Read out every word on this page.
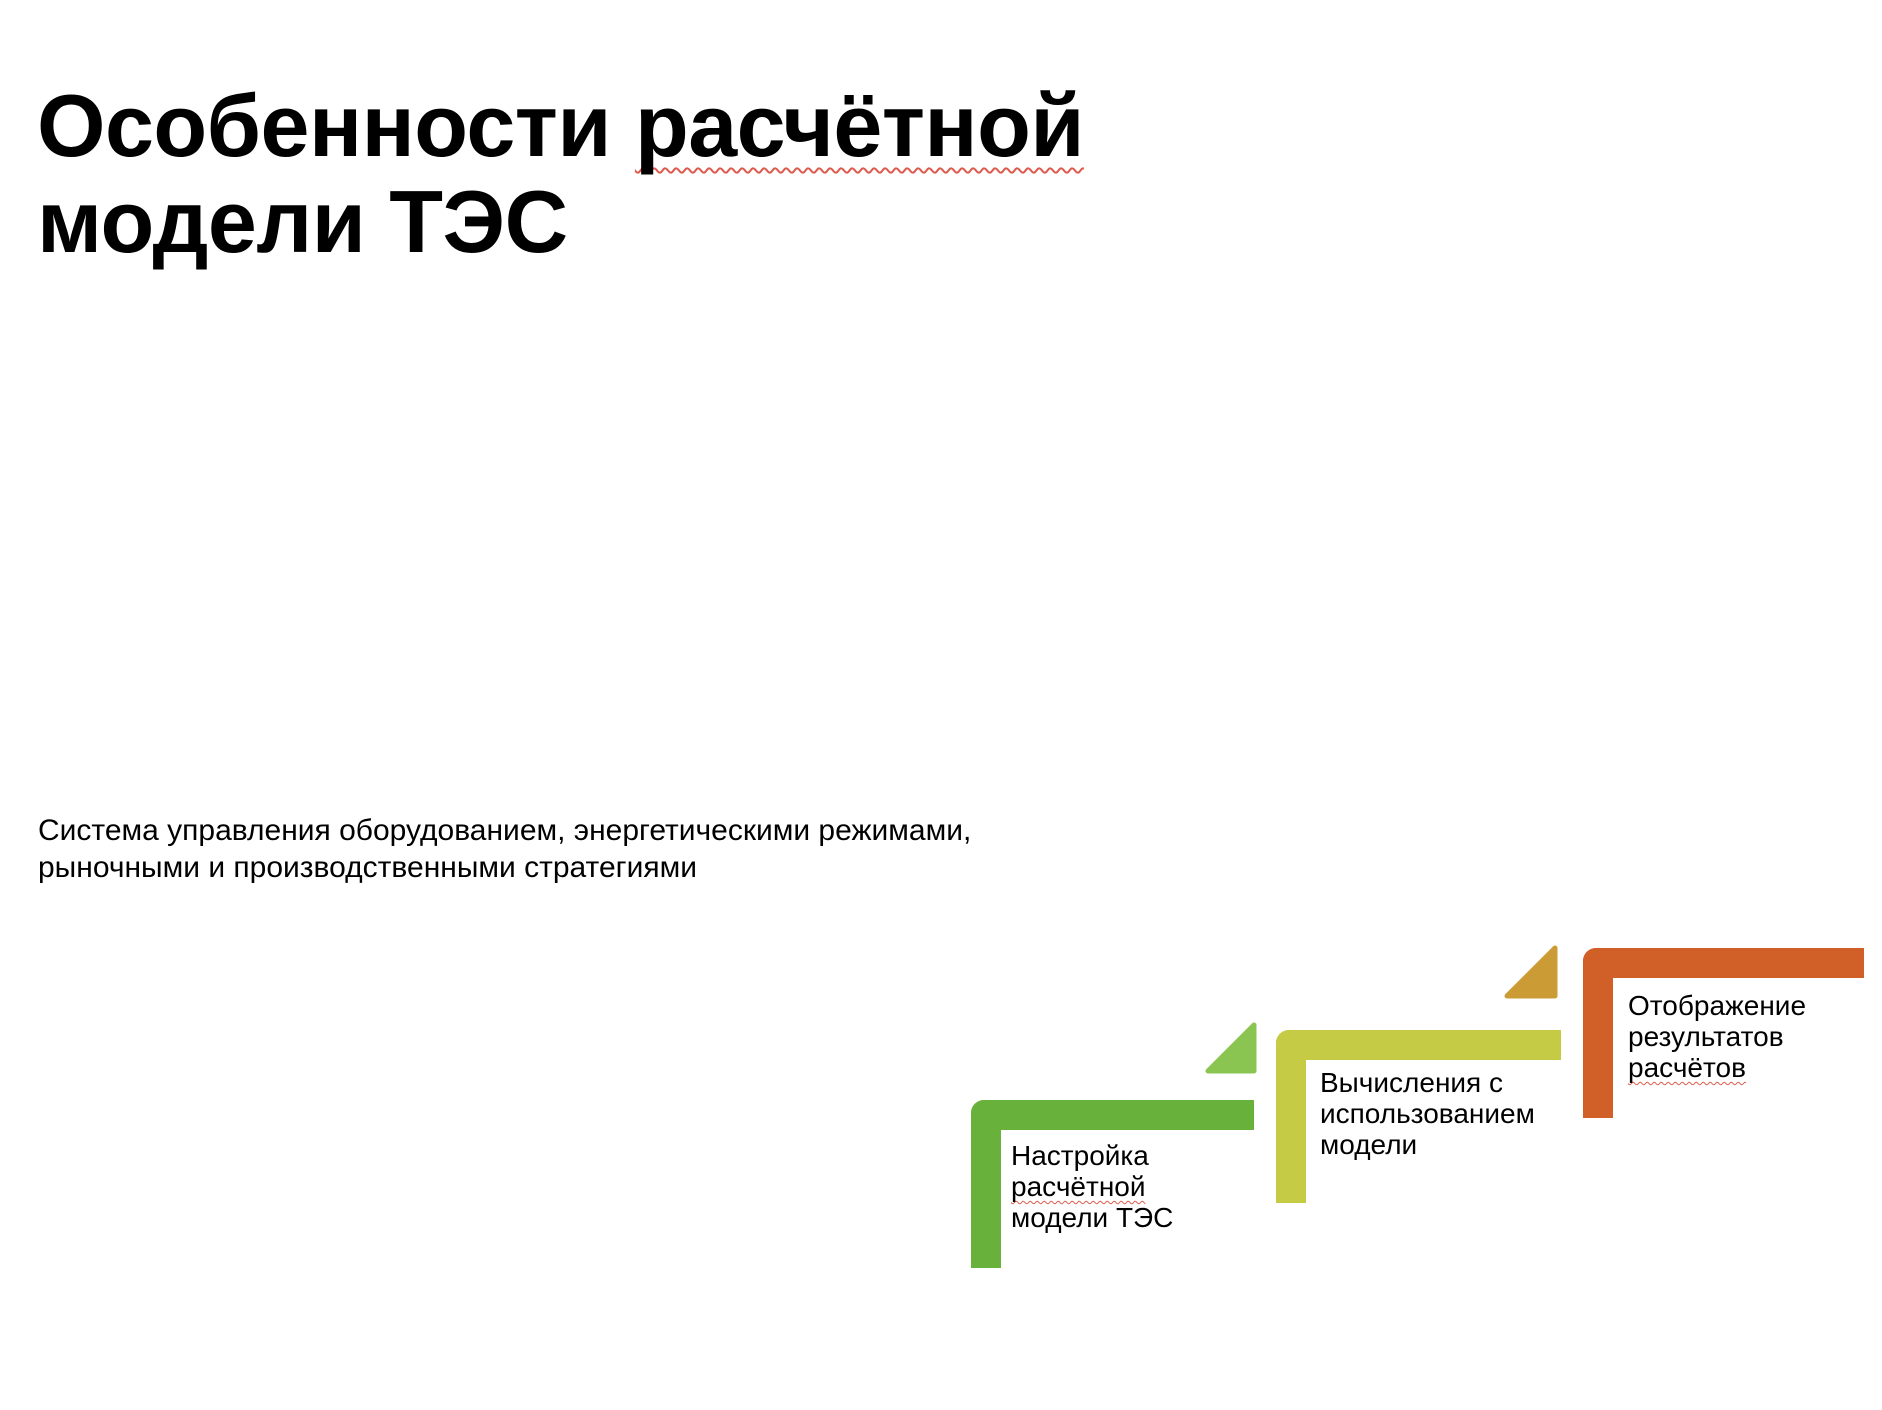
Особенности расчётной
модели ТЭС

Система управления оборудованием, энергетическими режимами,
рыночными и производственными стратегиями

Настройка
расчётной
модели ТЭС
Вычисления с
использованием
модели
Отображение
результатов
расчётов
